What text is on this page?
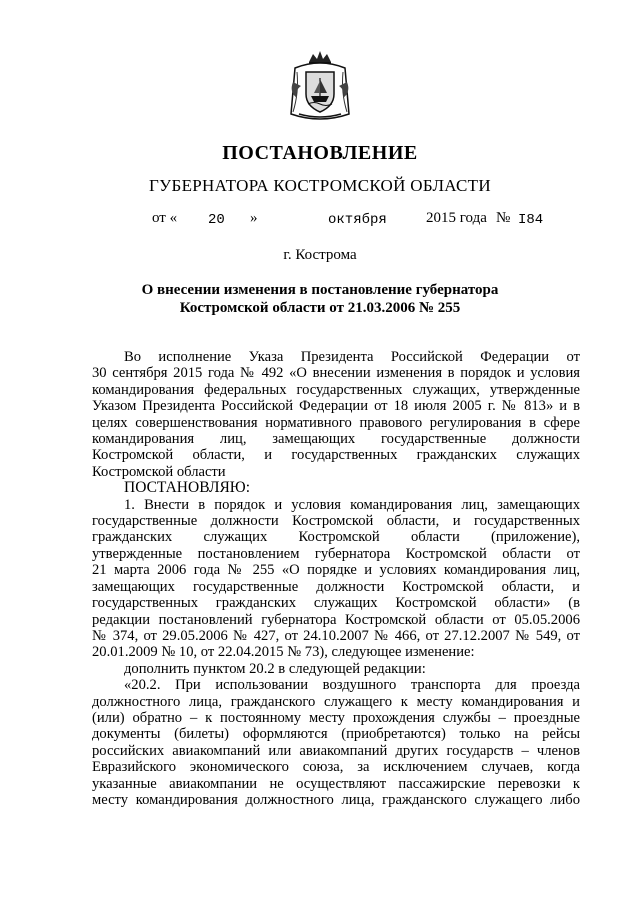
ПОСТАНОВЛЕНИЕ
ГУБЕРНАТОРА КОСТРОМСКОЙ ОБЛАСТИ
от « 20 »	октября	2015 года № I84
г. Кострома
О внесении изменения в постановление губернатора
Костромской области от 21.03.2006 № 255

Во исполнение Указа Президента Российской Федерации от

30 сентября 2015 года № 492 «О внесении изменения в порядок и условия

командирования федеральных государственных служащих, утвержденные

Указом Президента Российской Федерации от 18 июля 2005 г. № 813» и в

целях совершенствования нормативного правового регулирования в сфере

командирования лиц, замещающих государственные должности

Костромской области, и государственных гражданских служащих

Костромской области

ПОСТАНОВЛЯЮ:

1. Внести в порядок и условия командирования лиц, замещающих

государственные должности Костромской области, и государственных

гражданских служащих Костромской области (приложение),

утвержденные постановлением губернатора Костромской области от

21 марта 2006 года № 255 «О порядке и условиях командирования лиц,

замещающих государственные должности Костромской области, и

государственных гражданских служащих Костромской области» (в

редакции постановлений губернатора Костромской области от 05.05.2006

№ 374, от 29.05.2006 № 427, от 24.10.2007 № 466, от 27.12.2007 № 549, от

20.01.2009 № 10, от 22.04.2015 № 73), следующее изменение:

дополнить пунктом 20.2 в следующей редакции:

«20.2. При использовании воздушного транспорта для проезда

должностного лица, гражданского служащего к месту командирования и

(или) обратно – к постоянному месту прохождения службы – проездные

документы (билеты) оформляются (приобретаются) только на рейсы

российских авиакомпаний или авиакомпаний других государств – членов

Евразийского экономического союза, за исключением случаев, когда

указанные авиакомпании не осуществляют пассажирские перевозки к

месту командирования должностного лица, гражданского служащего либо
